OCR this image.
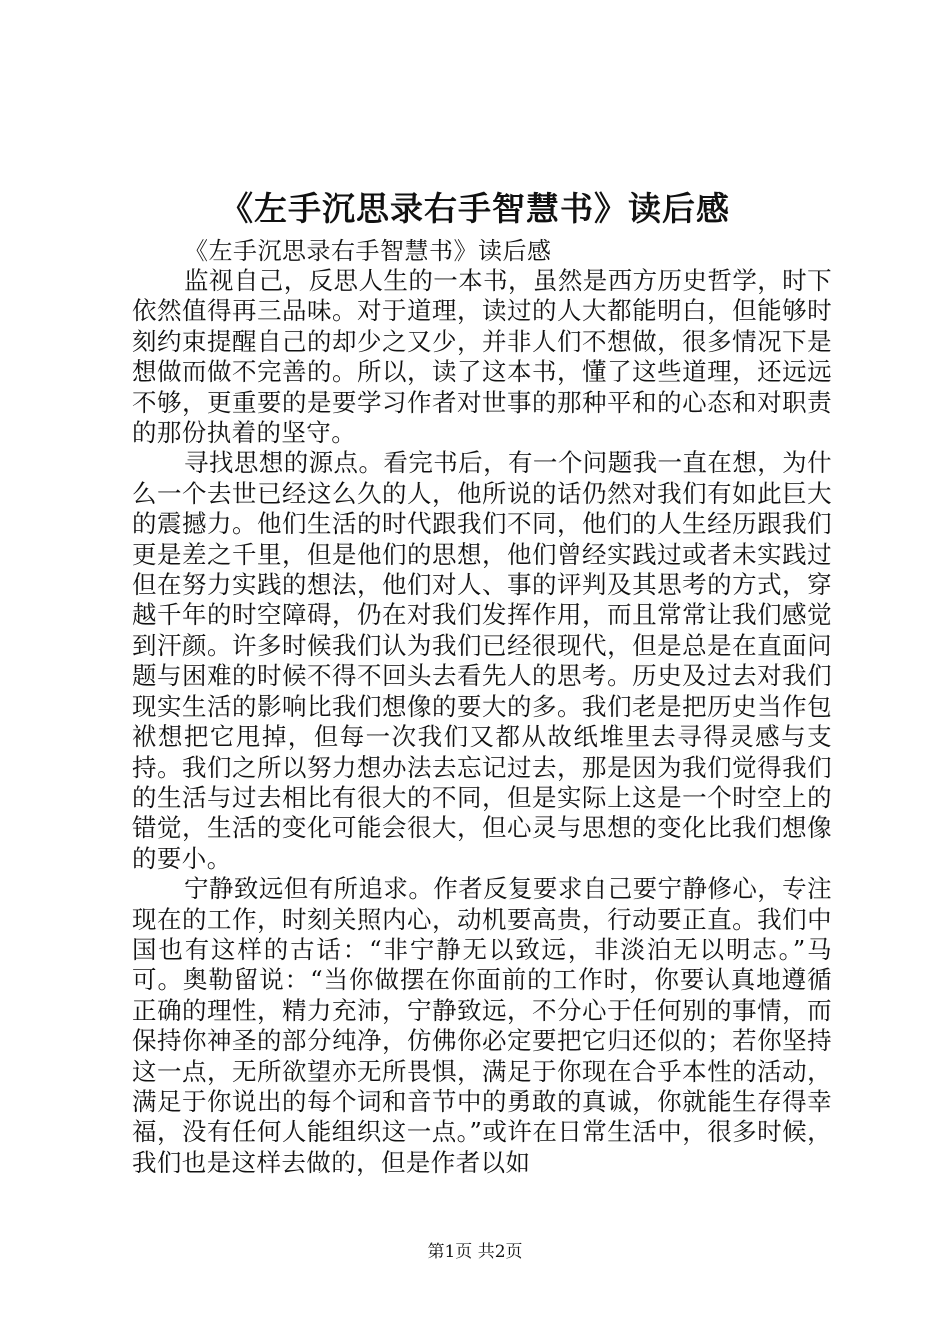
《左手沉思录右手智慧书》读后感

《左手沉思录右手智慧书》读后感

监视自己，反思人生的一本书，虽然是西方历史哲学，时下依然值得再三品味。对于道理，读过的人大都能明白，但能够时刻约束提醒自己的却少之又少，并非人们不想做，很多情况下是想做而做不完善的。所以，读了这本书，懂了这些道理，还远远不够，更重要的是要学习作者对世事的那种平和的心态和对职责的那份执着的坚守。

寻找思想的源点。看完书后，有一个问题我一直在想，为什么一个去世已经这么久的人，他所说的话仍然对我们有如此巨大的震撼力。他们生活的时代跟我们不同，他们的人生经历跟我们更是差之千里，但是他们的思想，他们曾经实践过或者未实践过但在努力实践的想法，他们对人、事的评判及其思考的方式，穿越千年的时空障碍，仍在对我们发挥作用，而且常常让我们感觉到汗颜。许多时候我们认为我们已经很现代，但是总是在直面问题与困难的时候不得不回头去看先人的思考。历史及过去对我们现实生活的影响比我们想像的要大的多。我们老是把历史当作包袱想把它甩掉，但每一次我们又都从故纸堆里去寻得灵感与支持。我们之所以努力想办法去忘记过去，那是因为我们觉得我们的生活与过去相比有很大的不同，但是实际上这是一个时空上的错觉，生活的变化可能会很大，但心灵与思想的变化比我们想像的要小。

宁静致远但有所追求。作者反复要求自己要宁静修心，专注现在的工作，时刻关照内心，动机要高贵，行动要正直。我们中国也有这样的古话：“非宁静无以致远，非淡泊无以明志。”马可。奥勒留说：“当你做摆在你面前的工作时，你要认真地遵循正确的理性，精力充沛，宁静致远，不分心于任何别的事情，而保持你神圣的部分纯净，仿佛你必定要把它归还似的；若你坚持这一点，无所欲望亦无所畏惧，满足于你现在合乎本性的活动，满足于你说出的每个词和音节中的勇敢的真诚，你就能生存得幸福，没有任何人能组织这一点。”或许在日常生活中，很多时候，我们也是这样去做的，但是作者以如

第1页 共2页
